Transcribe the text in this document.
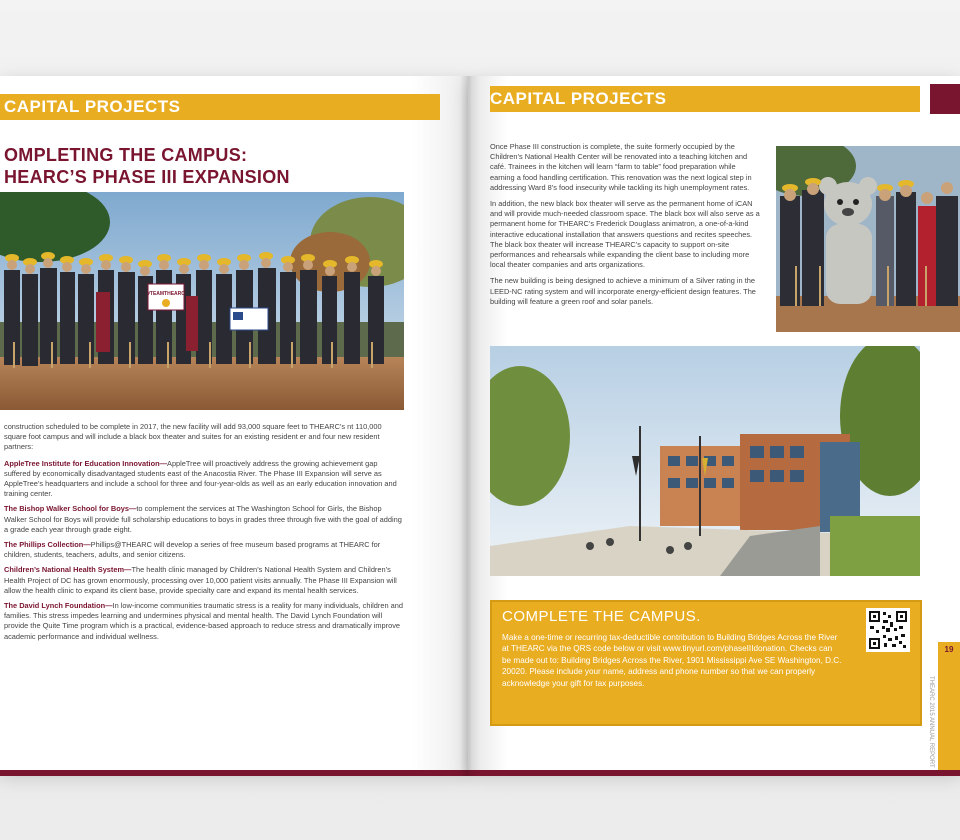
CAPITAL PROJECTS
OMPLETING THE CAMPUS:
HEARC’S PHASE III EXPANSION
#TEAMTHEARC

construction scheduled to be complete in 2017, the new facility will add 93,000 square feet to THEARC’s nt 110,000 square foot campus and will include a black box theater and suites for an existing resident er and four new resident partners:

AppleTree Institute for Education Innovation—AppleTree will proactively address the growing achievement gap suffered by economically disadvantaged students east of the Anacostia River. The Phase III Expansion will serve as AppleTree’s headquarters and include a school for three and four-year-olds as well as an early education innovation and training center.
The Bishop Walker School for Boys—to complement the services at The Washington School for Girls, the Bishop Walker School for Boys will provide full scholarship educations to boys in grades three through five with the goal of adding a grade each year through grade eight.
The Phillips Collection—Phillips@THEARC will develop a series of free museum based programs at THEARC for children, students, teachers, adults, and senior citizens.
Children’s National Health System—The health clinic managed by Children’s National Health System and Children’s Health Project of DC has grown enormously, processing over 10,000 patient visits annually. The Phase III Expansion will allow the health clinic to expand its client base, provide specialty care and expand its mental health services.
The David Lynch Foundation—In low-income communities traumatic stress is a reality for many individuals, children and families. This stress impedes learning and undermines physical and mental health. The David Lynch Foundation will provide the Quite Time program which is a practical, evidence-based approach to reduce stress and dramatically improve academic performance and individual wellness.
CAPITAL PROJECTS

Once Phase III construction is complete, the suite formerly occupied by the Children’s National Health Center will be renovated into a teaching kitchen and café. Trainees in the kitchen will learn “farm to table” food preparation while earning a food handling certification. This renovation was the next logical step in addressing Ward 8’s food insecurity while tackling its high unemployment rates.

In addition, the new black box theater will serve as the permanent home of iCAN and will provide much-needed classroom space. The black box will also serve as a permanent home for THEARC’s Frederick Douglass animatron, a one-of-a-kind interactive educational installation that answers questions and recites speeches. The black box theater will increase THEARC’s capacity to support on-site performances and rehearsals while expanding the client base to including more local theater companies and arts organizations.

The new building is being designed to achieve a minimum of a Silver rating in the LEED-NC rating system and will incorporate energy-efficient design features. The building will feature a green roof and solar panels.

COMPLETE THE CAMPUS.
Make a one-time or recurring tax-deductible contribution to Building Bridges Across the River at THEARC via the QRS code below or visit www.tinyurl.com/phaseIIIdonation. Checks can be made out to: Building Bridges Across the River, 1901 Mississippi Ave SE Washington, D.C. 20020. Please include your name, address and phone number so that we can properly acknowledge your gift for tax purposes.	THEARC 2015 ANNUAL REPORT
19
